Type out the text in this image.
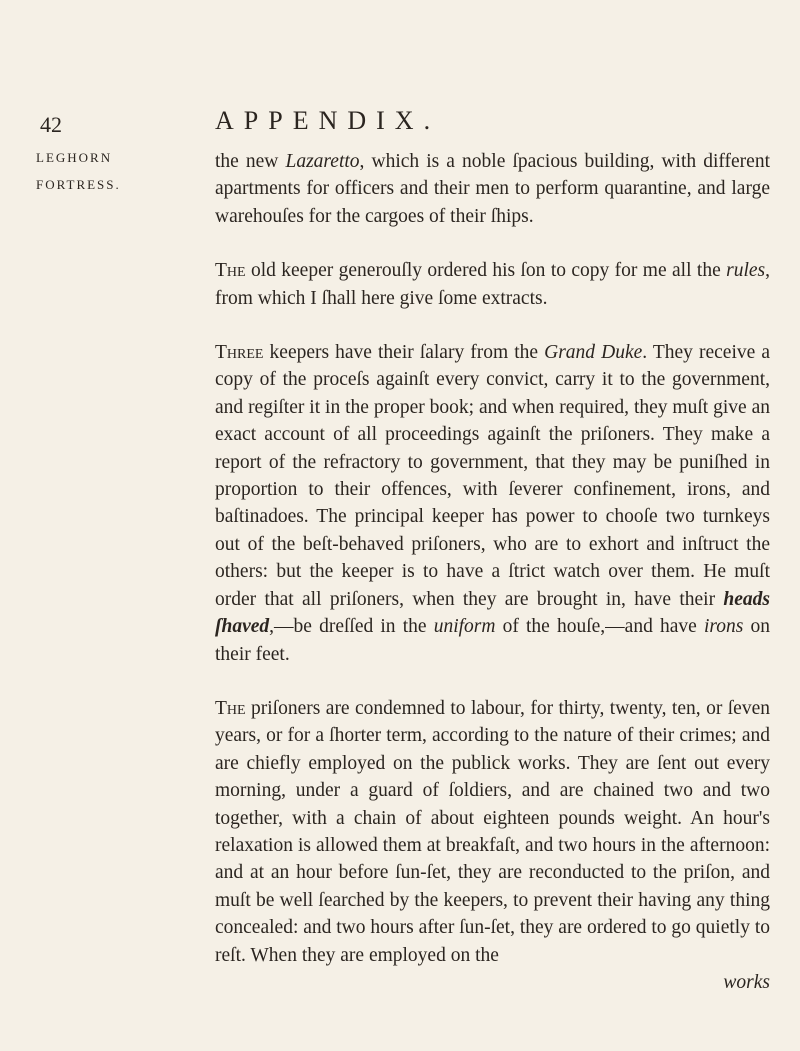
42	APPENDIX.
LEGHORN
FORTRESS.

the new Lazaretto, which is a noble ſpacious building, with different apartments for officers and their men to perform quarantine, and large warehouſes for the cargoes of their ſhips.

The old keeper generouſly ordered his ſon to copy for me all the rules, from which I ſhall here give ſome extracts.

Three keepers have their ſalary from the Grand Duke. They receive a copy of the proceſs againſt every convict, carry it to the government, and regiſter it in the proper book; and when required, they muſt give an exact account of all proceedings againſt the priſoners. They make a report of the refractory to government, that they may be puniſhed in proportion to their offences, with ſeverer confinement, irons, and baſtinadoes. The principal keeper has power to chooſe two turnkeys out of the beſt-behaved priſoners, who are to exhort and inſtruct the others: but the keeper is to have a ſtrict watch over them. He muſt order that all priſoners, when they are brought in, have their heads ſhaved,—be dreſſed in the uniform of the houſe,—and have irons on their feet.

The priſoners are condemned to labour, for thirty, twenty, ten, or ſeven years, or for a ſhorter term, according to the nature of their crimes; and are chiefly employed on the publick works. They are ſent out every morning, under a guard of ſoldiers, and are chained two and two together, with a chain of about eighteen pounds weight. An hour's relaxation is allowed them at breakfaſt, and two hours in the afternoon: and at an hour before ſun-ſet, they are reconducted to the priſon, and muſt be well ſearched by the keepers, to prevent their having any thing concealed: and two hours after ſun-ſet, they are ordered to go quietly to reſt. When they are employed on the

works
